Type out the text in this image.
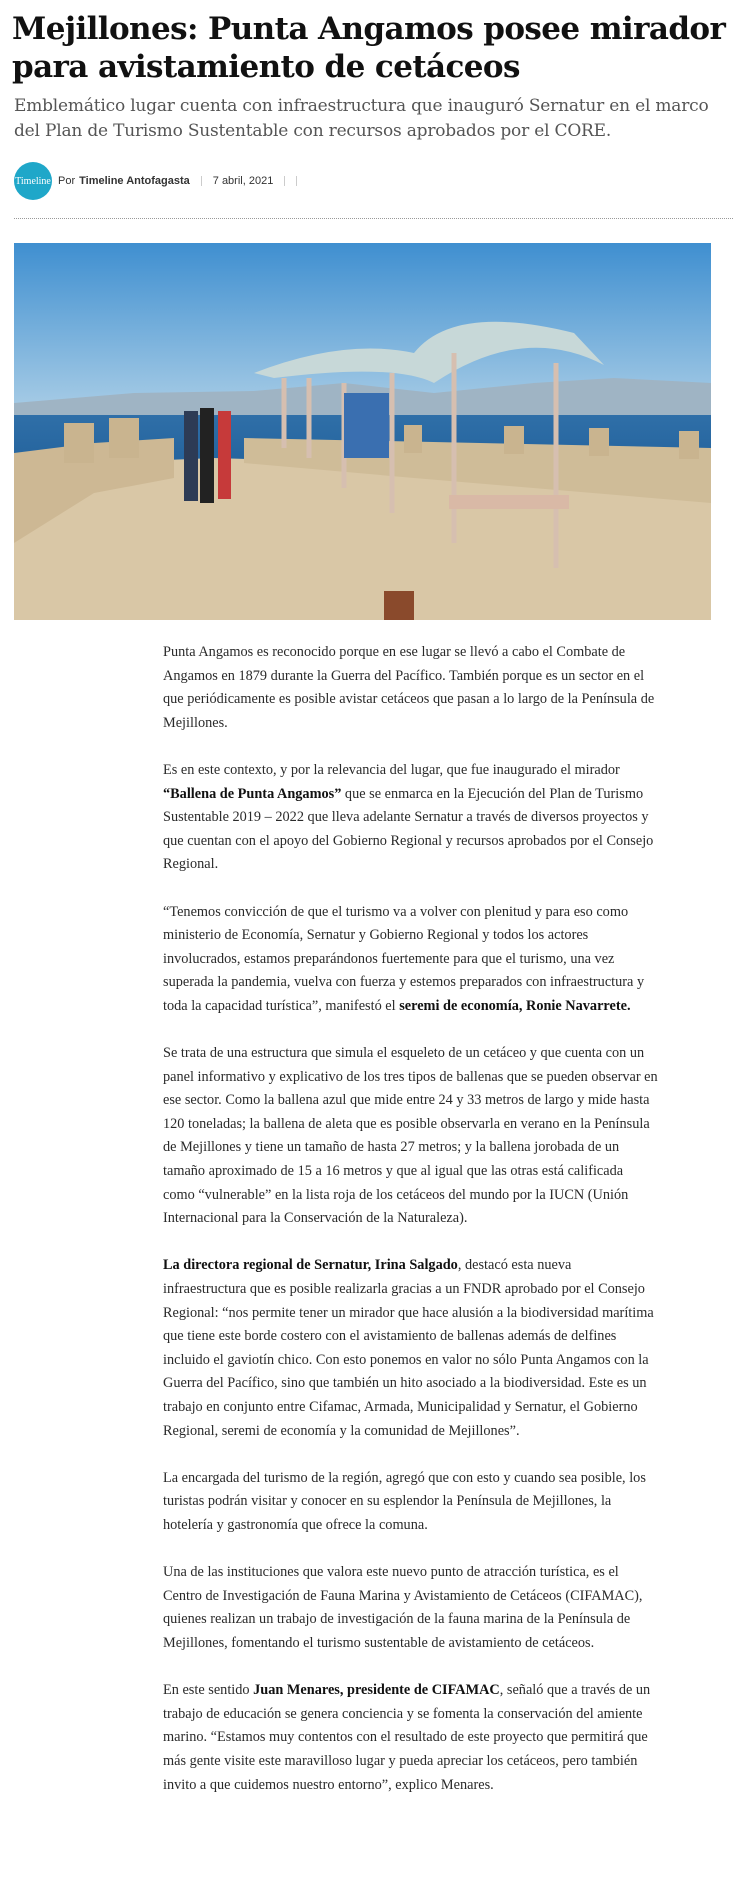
Mejillones: Punta Angamos posee mirador para avistamiento de cetáceos

Emblemático lugar cuenta con infraestructura que inauguró Sernatur en el marco del Plan de Turismo Sustentable con recursos aprobados por el CORE.

Timeline Por Timeline Antofagasta 7 abril, 2021

Punta Angamos es reconocido porque en ese lugar se llevó a cabo el Combate de Angamos en 1879 durante la Guerra del Pacífico. También porque es un sector en el que periódicamente es posible avistar cetáceos que pasan a lo largo de la Península de Mejillones.

Es en este contexto, y por la relevancia del lugar, que fue inaugurado el mirador “Ballena de Punta Angamos” que se enmarca en la Ejecución del Plan de Turismo Sustentable 2019 – 2022 que lleva adelante Sernatur a través de diversos proyectos y que cuentan con el apoyo del Gobierno Regional y recursos aprobados por el Consejo Regional.

“Tenemos convicción de que el turismo va a volver con plenitud y para eso como ministerio de Economía, Sernatur y Gobierno Regional y todos los actores involucrados, estamos preparándonos fuertemente para que el turismo, una vez superada la pandemia, vuelva con fuerza y estemos preparados con infraestructura y toda la capacidad turística”, manifestó el seremi de economía, Ronie Navarrete.

Se trata de una estructura que simula el esqueleto de un cetáceo y que cuenta con un panel informativo y explicativo de los tres tipos de ballenas que se pueden observar en ese sector. Como la ballena azul que mide entre 24 y 33 metros de largo y mide hasta 120 toneladas; la ballena de aleta que es posible observarla en verano en la Península de Mejillones y tiene un tamaño de hasta 27 metros; y la ballena jorobada de un tamaño aproximado de 15 a 16 metros y que al igual que las otras está calificada como “vulnerable” en la lista roja de los cetáceos del mundo por la IUCN (Unión Internacional para la Conservación de la Naturaleza).

La directora regional de Sernatur, Irina Salgado, destacó esta nueva infraestructura que es posible realizarla gracias a un FNDR aprobado por el Consejo Regional: “nos permite tener un mirador que hace alusión a la biodiversidad marítima que tiene este borde costero con el avistamiento de ballenas además de delfines incluido el gaviotín chico. Con esto ponemos en valor no sólo Punta Angamos con la Guerra del Pacífico, sino que también un hito asociado a la biodiversidad. Este es un trabajo en conjunto entre Cifamac, Armada, Municipalidad y Sernatur, el Gobierno Regional, seremi de economía y la comunidad de Mejillones”.

La encargada del turismo de la región, agregó que con esto y cuando sea posible, los turistas podrán visitar y conocer en su esplendor la Península de Mejillones, la hotelería y gastronomía que ofrece la comuna.

Una de las instituciones que valora este nuevo punto de atracción turística, es el Centro de Investigación de Fauna Marina y Avistamiento de Cetáceos (CIFAMAC), quienes realizan un trabajo de investigación de la fauna marina de la Península de Mejillones, fomentando el turismo sustentable de avistamiento de cetáceos.

En este sentido Juan Menares, presidente de CIFAMAC, señaló que a través de un trabajo de educación se genera conciencia y se fomenta la conservación del amiente marino. “Estamos muy contentos con el resultado de este proyecto que permitirá que más gente visite este maravilloso lugar y pueda apreciar los cetáceos, pero también invito a que cuidemos nuestro entorno”, explico Menares.
